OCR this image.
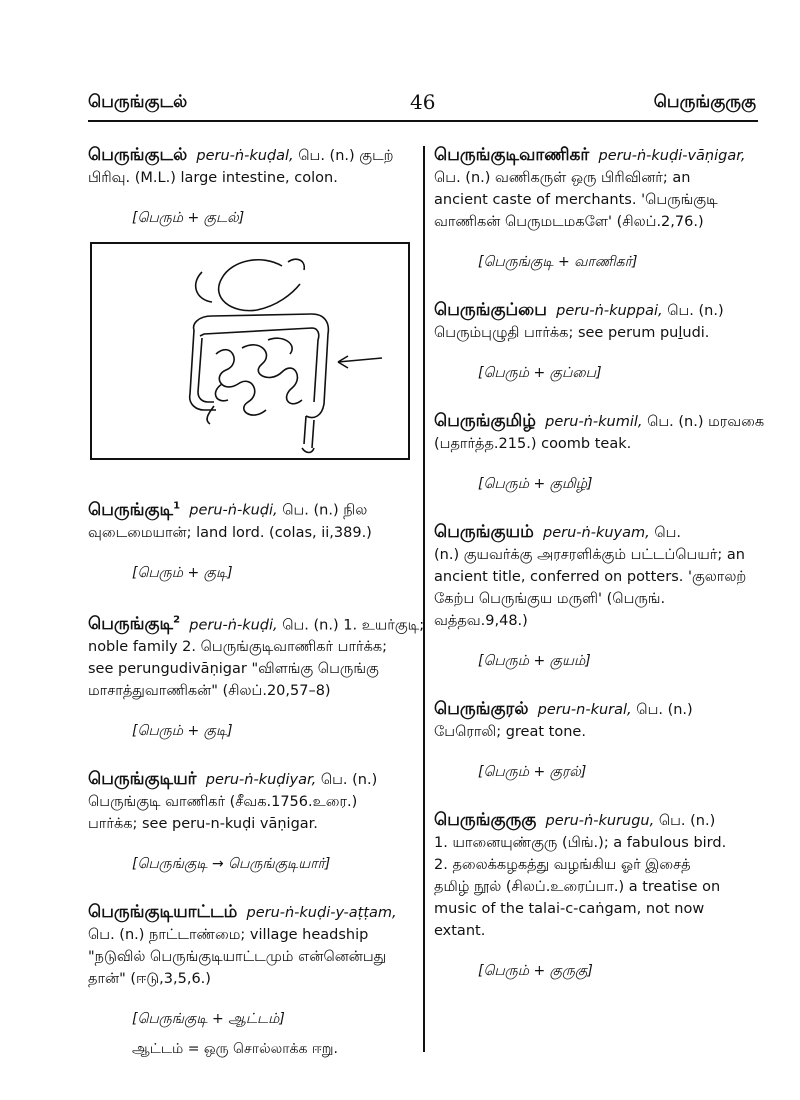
பெருங்குடல்	46	பெருங்குருகு
பெருங்குடல் peru-ṅ-kuḍal, பெ. (n.) குடற்
பிரிவு. (M.L.) large intestine, colon.
[பெரும் + குடல்]
பெருங்குடி$^1$ peru-ṅ-kuḍi, பெ. (n.) நில
வுடைமையான்; land lord. (colas, ii,389.)
[பெரும் + குடி]
பெருங்குடி$^2$ peru-ṅ-kuḍi, பெ. (n.) 1. உயர்குடி;
noble family 2. பெருங்குடிவாணிகர் பார்க்க;
see perungudivāṇigar "விளங்கு பெருங்கு
மாசாத்துவாணிகன்" (சிலப்.20,57–8)
[பெரும் + குடி]
பெருங்குடியர் peru-ṅ-kuḍiyar, பெ. (n.)
பெருங்குடி வாணிகர் (சீவக.1756.உரை.)
பார்க்க; see peru-n-kuḍi vāṇigar.
[பெருங்குடி → பெருங்குடியார்]
பெருங்குடியாட்டம் peru-ṅ-kuḍi-y-aṭṭam,
பெ. (n.) நாட்டாண்மை; village headship
"நடுவில் பெருங்குடியாட்டமும் என்னென்பது
தான்" (ஈடு,3,5,6.)
[பெருங்குடி + ஆட்டம்]
ஆட்டம் = ஒரு சொல்லாக்க ஈறு.
பெருங்குடிவாணிகர் peru-ṅ-kuḍi-vāṇigar,
பெ. (n.) வணிகருள் ஒரு பிரிவினர்; an
ancient caste of merchants. 'பெருங்குடி
வாணிகன் பெருமடமகளே' (சிலப்.2,76.)
[பெருங்குடி + வாணிகர்]
பெருங்குப்பை peru-ṅ-kuppai, பெ. (n.)
பெரும்புழுதி பார்க்க; see perum puḻudi.
[பெரும் + குப்பை]
பெருங்குமிழ் peru-ṅ-kumil, பெ. (n.) மரவகை
(பதார்த்த.215.) coomb teak.
[பெரும் + குமிழ்]
பெருங்குயம் peru-ṅ-kuyam, பெ.
(n.) குயவர்க்கு அரசரளிக்கும் பட்டப்பெயர்; an
ancient title, conferred on potters. 'குலாலற்
கேற்ப பெருங்குய மருளி' (பெருங்.
வத்தவ.9,48.)
[பெரும் + குயம்]
பெருங்குரல் peru-n-kural, பெ. (n.)
பேரொலி; great tone.
[பெரும் + குரல்]
பெருங்குருகு peru-ṅ-kurugu, பெ. (n.)
1. யானையுண்குரு (பிங்.); a fabulous bird.
2. தலைக்கழகத்து வழங்கிய ஓர் இசைத்
தமிழ் நூல் (சிலப்.உரைப்பா.) a treatise on
music of the talai-c-caṅgam, not now
extant.
[பெரும் + குருகு]
